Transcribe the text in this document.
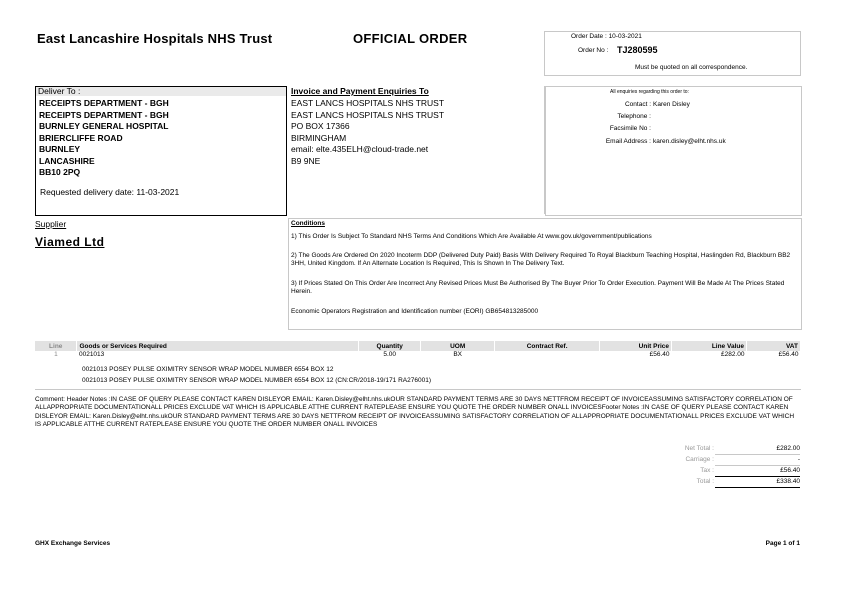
East Lancashire Hospitals NHS Trust	OFFICIAL ORDER	Order Date : 10-03-2021
Order No : TJ280595
Must be quoted on all correspondence.
Deliver To :
RECEIPTS DEPARTMENT - BGH
RECEIPTS DEPARTMENT - BGH
BURNLEY GENERAL HOSPITAL
BRIERCLIFFE ROAD
BURNLEY
LANCASHIRE
BB10 2PQ
Requested delivery date: 11-03-2021
Invoice and Payment Enquiries To
EAST LANCS HOSPITALS NHS TRUST
EAST LANCS HOSPITALS NHS TRUST
PO BOX 17366
BIRMINGHAM
email: elte.435ELH@cloud-trade.net
B9 9NE
All enquiries regarding this order to:
Contact : Karen Disley
Telephone :
Facsimile No :
Email Address : karen.disley@elht.nhs.uk
Supplier
Viamed Ltd
Conditions
1) This Order Is Subject To Standard NHS Terms And Conditions Which Are Available At www.gov.uk/government/publications
2) The Goods Are Ordered On 2020 Incoterm DDP (Delivered Duty Paid) Basis With Delivery Required To Royal Blackburn Teaching Hospital, Haslingden Rd, Blackburn BB2 3HH, United Kingdom. If An Alternate Location Is Required, This Is Shown In The Delivery Text.
3) If Prices Stated On This Order Are Incorrect Any Revised Prices Must Be Authorised By The Buyer Prior To Order Execution. Payment Will Be Made At The Prices Stated Herein.
Economic Operators Registration and Identification number (EORI) GB654813285000
Line	Goods or Services Required	Quantity	UOM	Contract Ref.	Unit Price	Line Value	VAT
1	0021013	5.00	BX		£56.40	£282.00	£56.40
0021013 POSEY PULSE OXIMITRY SENSOR WRAP MODEL NUMBER 6554 BOX 12
0021013 POSEY PULSE OXIMITRY SENSOR WRAP MODEL NUMBER 6554 BOX 12 (CN:CR/2018-19/171 RA276001)
Comment: Header Notes :IN CASE OF QUERY PLEASE CONTACT KAREN DISLEYOR EMAIL: Karen.Disley@elht.nhs.ukOUR STANDARD PAYMENT TERMS ARE 30 DAYS NETTFROM RECEIPT OF INVOICEASSUMING SATISFACTORY CORRELATION OF ALLAPPROPRIATE DOCUMENTATIONALL PRICES EXCLUDE VAT WHICH IS APPLICABLE ATTHE CURRENT RATEPLEASE ENSURE YOU QUOTE THE ORDER NUMBER ONALL INVOICESFooter Notes :IN CASE OF QUERY PLEASE CONTACT KAREN DISLEYOR EMAIL: Karen.Disley@elht.nhs.ukOUR STANDARD PAYMENT TERMS ARE 30 DAYS NETTFROM RECEIPT OF INVOICEASSUMING SATISFACTORY CORRELATION OF ALLAPPROPRIATE DOCUMENTATIONALL PRICES EXCLUDE VAT WHICH IS APPLICABLE ATTHE CURRENT RATEPLEASE ENSURE YOU QUOTE THE ORDER NUMBER ONALL INVOICES
Net Total :	£282.00
Carriage :	-
Tax :	£56.40
Total :	£338.40
GHX Exchange Services	Page 1 of 1
